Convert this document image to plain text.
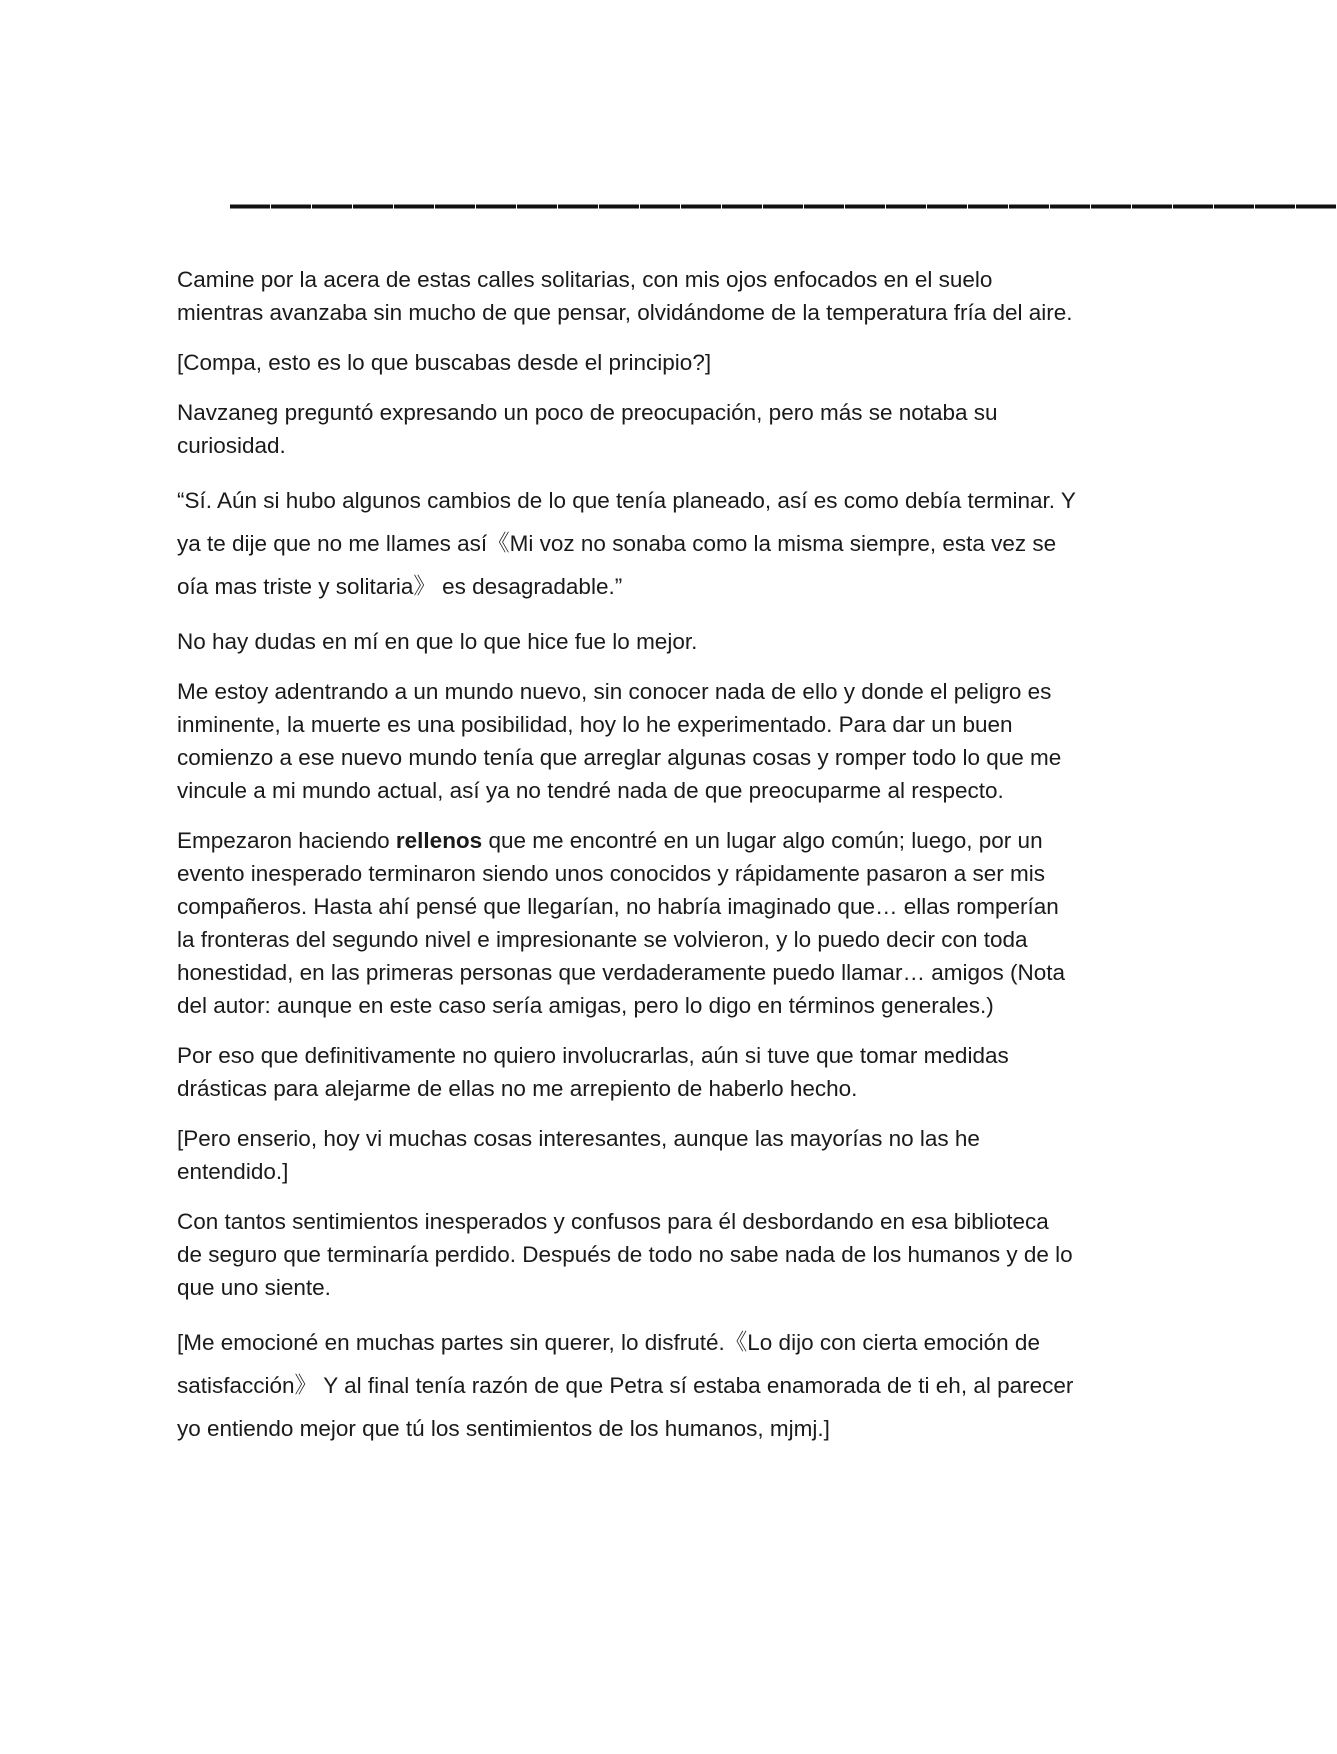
———————————————————————————

Camine por la acera de estas calles solitarias, con mis ojos enfocados en el suelo mientras avanzaba sin mucho de que pensar, olvidándome de la temperatura fría del aire.

[Compa, esto es lo que buscabas desde el principio?]

Navzaneg preguntó expresando un poco de preocupación, pero más se notaba su curiosidad.

“Sí. Aún si hubo algunos cambios de lo que tenía planeado, así es como debía terminar. Y ya te dije que no me llames así《Mi voz no sonaba como la misma siempre, esta vez se oía mas triste y solitaria》 es desagradable.”

No hay dudas en mí en que lo que hice fue lo mejor.

Me estoy adentrando a un mundo nuevo, sin conocer nada de ello y donde el peligro es inminente, la muerte es una posibilidad, hoy lo he experimentado. Para dar un buen comienzo a ese nuevo mundo tenía que arreglar algunas cosas y romper todo lo que me vincule a mi mundo actual, así ya no tendré nada de que preocuparme al respecto.

Empezaron haciendo rellenos que me encontré en un lugar algo común; luego, por un evento inesperado terminaron siendo unos conocidos y rápidamente pasaron a ser mis compañeros. Hasta ahí pensé que llegarían, no habría imaginado que… ellas romperían la fronteras del segundo nivel e impresionante se volvieron, y lo puedo decir con toda honestidad, en las primeras personas que verdaderamente puedo llamar… amigos (Nota del autor: aunque en este caso sería amigas, pero lo digo en términos generales.)

Por eso que definitivamente no quiero involucrarlas, aún si tuve que tomar medidas drásticas para alejarme de ellas no me arrepiento de haberlo hecho.

[Pero enserio, hoy vi muchas cosas interesantes, aunque las mayorías no las he entendido.]

Con tantos sentimientos inesperados y confusos para él desbordando en esa biblioteca de seguro que terminaría perdido. Después de todo no sabe nada de los humanos y de lo que uno siente.

[Me emocioné en muchas partes sin querer, lo disfruté.《Lo dijo con cierta emoción de satisfacción》 Y al final tenía razón de que Petra sí estaba enamorada de ti eh, al parecer yo entiendo mejor que tú los sentimientos de los humanos, mjmj.]
